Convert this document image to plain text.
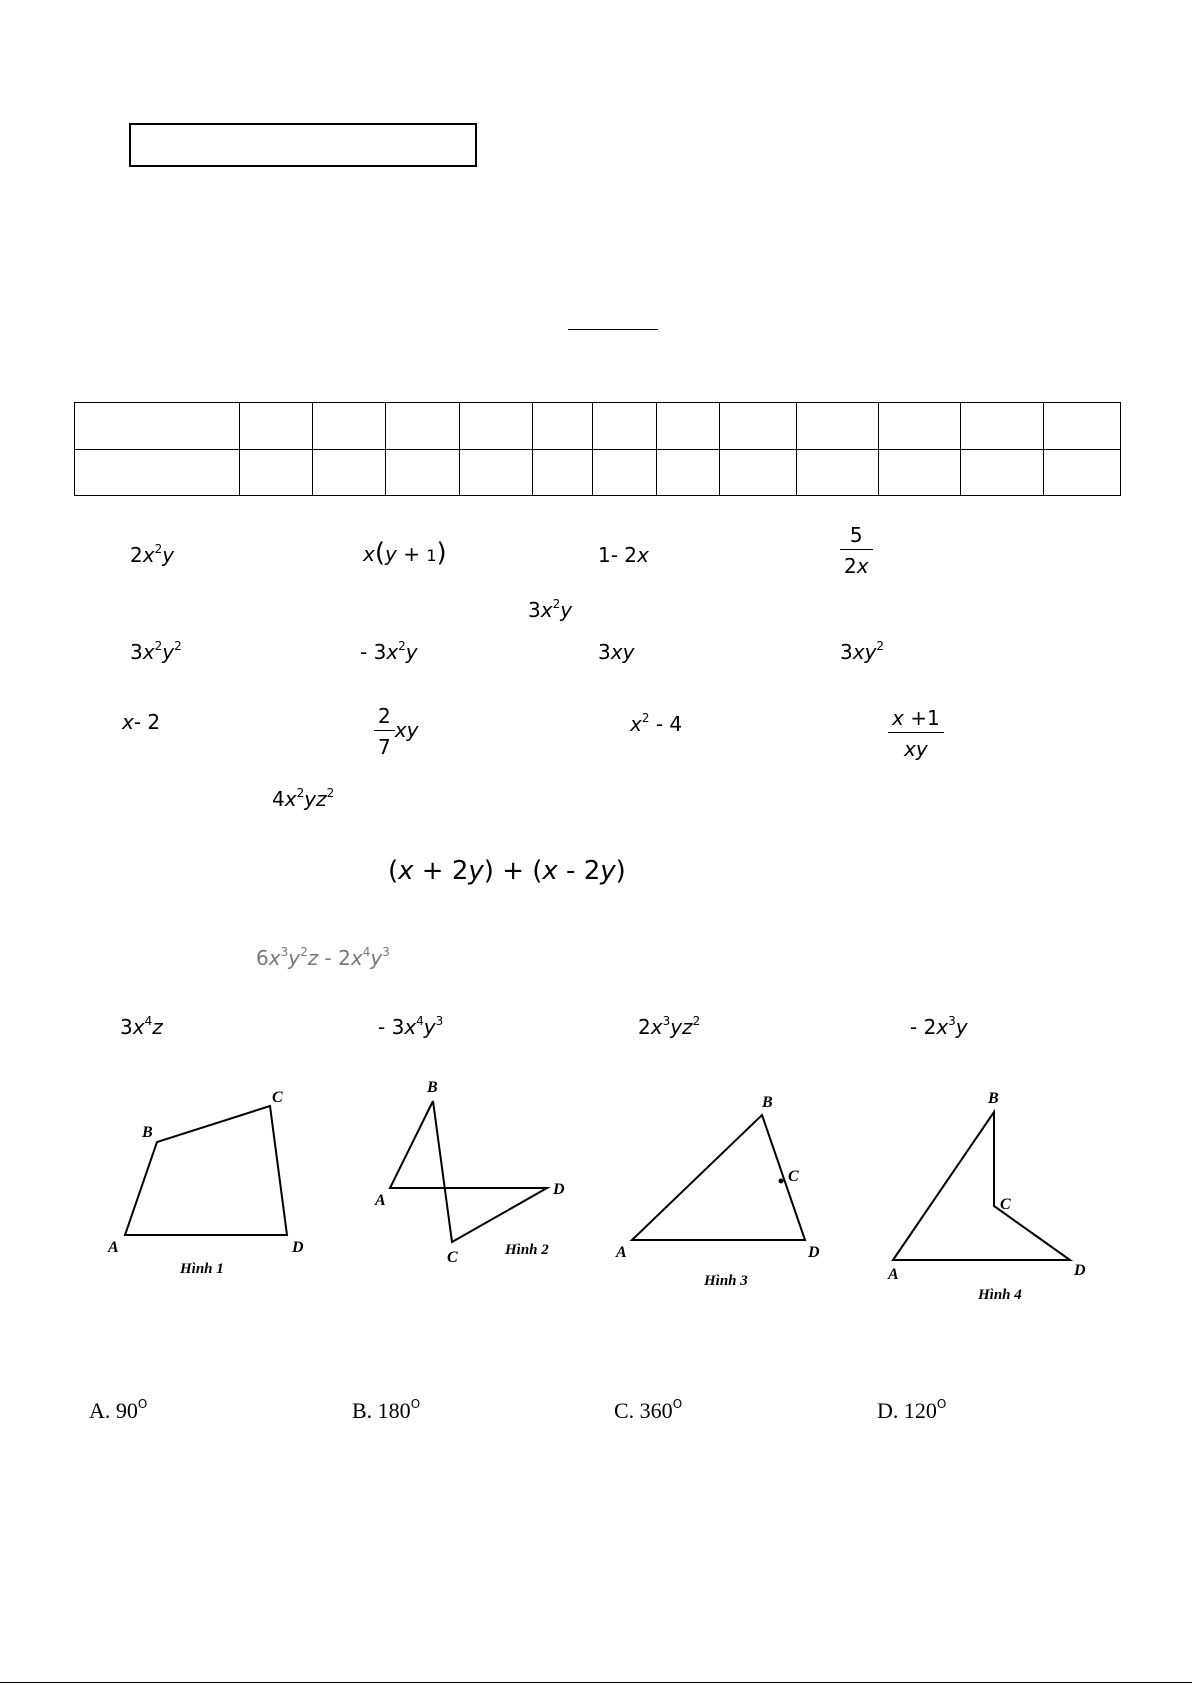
$2x^2y$	x(y + 1)	1- 2x	$\frac{5}{2x}$
$3x^2y$
$3x^2y^2$	- $3x^2y$	3xy	$3xy^2$
x- 2	$\frac{2}{7}$ xy	$x^2 - 4$	$\frac{x +1}{xy}$
$4x^2yz^2$
(x + 2y) + (x - 2y)
$6x^3y^2z - 2x^4y^3$
$3x^4z$	- $3x^4y^3$	$2x^3yz^2$	- $2x^3y$
A
B
C
D
Hình 1
B
A
D
C	Hình 2
B
C
A	D
Hình 3
B
C
A	D
Hình 4
A. $90^O$	B. $180^O$	C. $360^O$	D. $120^O$
